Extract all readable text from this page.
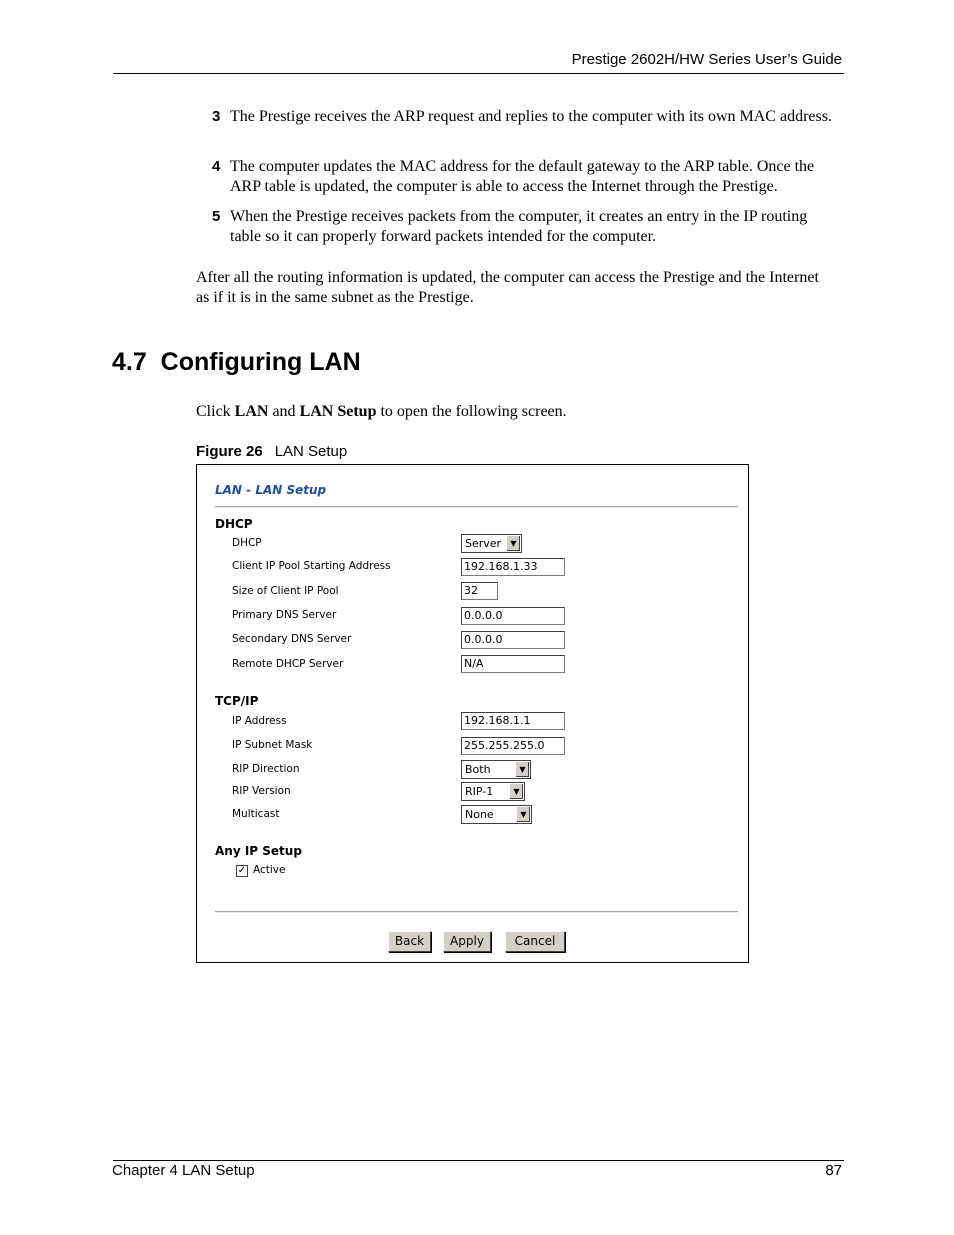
Prestige 2602H/HW Series User’s Guide
3 The Prestige receives the ARP request and replies to the computer with its own MAC address.
4 The computer updates the MAC address for the default gateway to the ARP table. Once the ARP table is updated, the computer is able to access the Internet through the Prestige.
5 When the Prestige receives packets from the computer, it creates an entry in the IP routing table so it can properly forward packets intended for the computer.
After all the routing information is updated, the computer can access the Prestige and the Internet as if it is in the same subnet as the Prestige.
4.7 Configuring LAN
Click LAN and LAN Setup to open the following screen.
Figure 26 LAN Setup
LAN - LAN Setup
DHCP
DHCP	Server	▼
Client IP Pool Starting Address	192.168.1.33
Size of Client IP Pool	32
Primary DNS Server	0.0.0.0
Secondary DNS Server	0.0.0.0
Remote DHCP Server	N/A
TCP/IP
IP Address	192.168.1.1
IP Subnet Mask	255.255.255.0
RIP Direction	Both	▼
RIP Version	RIP-1	▼
Multicast	None	▼
Any IP Setup
✓ Active
Back	Apply	Cancel
Chapter 4 LAN Setup	87
